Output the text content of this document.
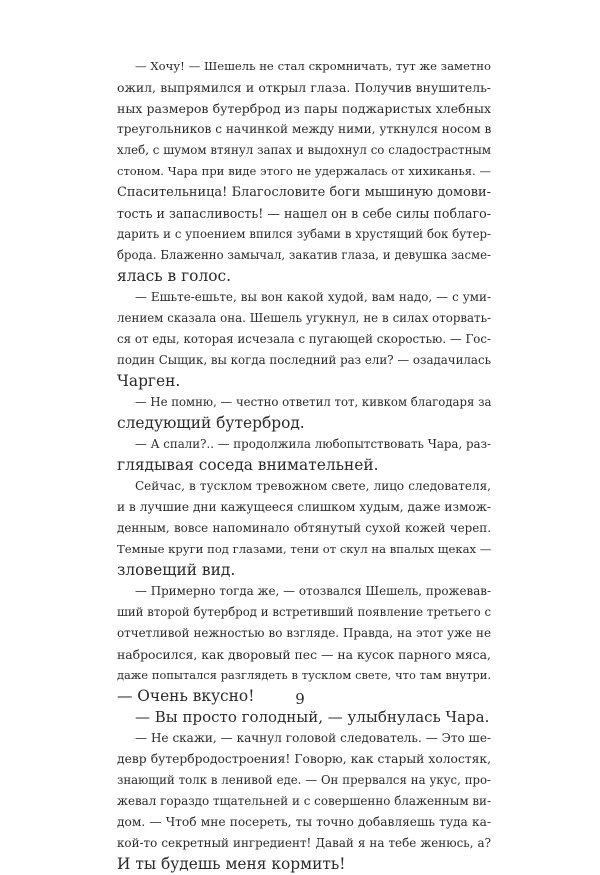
— Хочу! — Шешель не стал скромничать, тут же заметно
ожил, выпрямился и открыл глаза. Получив внушитель-
ных размеров бутерброд из пары поджаристых хлебных
треугольников с начинкой между ними, уткнулся носом в
хлеб, с шумом втянул запах и выдохнул со сладострастным
стоном. Чара при виде этого не удержалась от хихиканья. —
Спасительница! Благословите боги мышиную домови-
тость и запасливость! — нашел он в себе силы поблаго-
дарить и с упоением впился зубами в хрустящий бок бутер-
брода. Блаженно замычал, закатив глаза, и девушка засме-
ялась в голос.
— Ешьте-ешьте, вы вон какой худой, вам надо, — с уми-
лением сказала она. Шешель угукнул, не в силах оторвать-
ся от еды, которая исчезала с пугающей скоростью. — Гос-
подин Сыщик, вы когда последний раз ели? — озадачилась
Чарген.
— Не помню, — честно ответил тот, кивком благодаря за
следующий бутерброд.
— А спали?.. — продолжила любопытствовать Чара, раз-
глядывая соседа внимательней.
Сейчас, в тусклом тревожном свете, лицо следователя,
и в лучшие дни кажущееся слишком худым, даже измож-
денным, вовсе напоминало обтянутый сухой кожей череп.
Темные круги под глазами, тени от скул на впалых щеках —
зловещий вид.
— Примерно тогда же, — отозвался Шешель, прожевав-
ший второй бутерброд и встретивший появление третьего с
отчетливой нежностью во взгляде. Правда, на этот уже не
набросился, как дворовый пес — на кусок парного мяса,
даже попытался разглядеть в тусклом свете, что там внутри.
— Очень вкусно!
— Вы просто голодный, — улыбнулась Чара.
— Не скажи, — качнул головой следователь. — Это ше-
девр бутербродостроения! Говорю, как старый холостяк,
знающий толк в ленивой еде. — Он прервался на укус, про-
жевал гораздо тщательней и с совершенно блаженным ви-
дом. — Чтоб мне посереть, ты точно добавляешь туда ка-
кой-то секретный ингредиент! Давай я на тебе женюсь, а?
И ты будешь меня кормить!
9
